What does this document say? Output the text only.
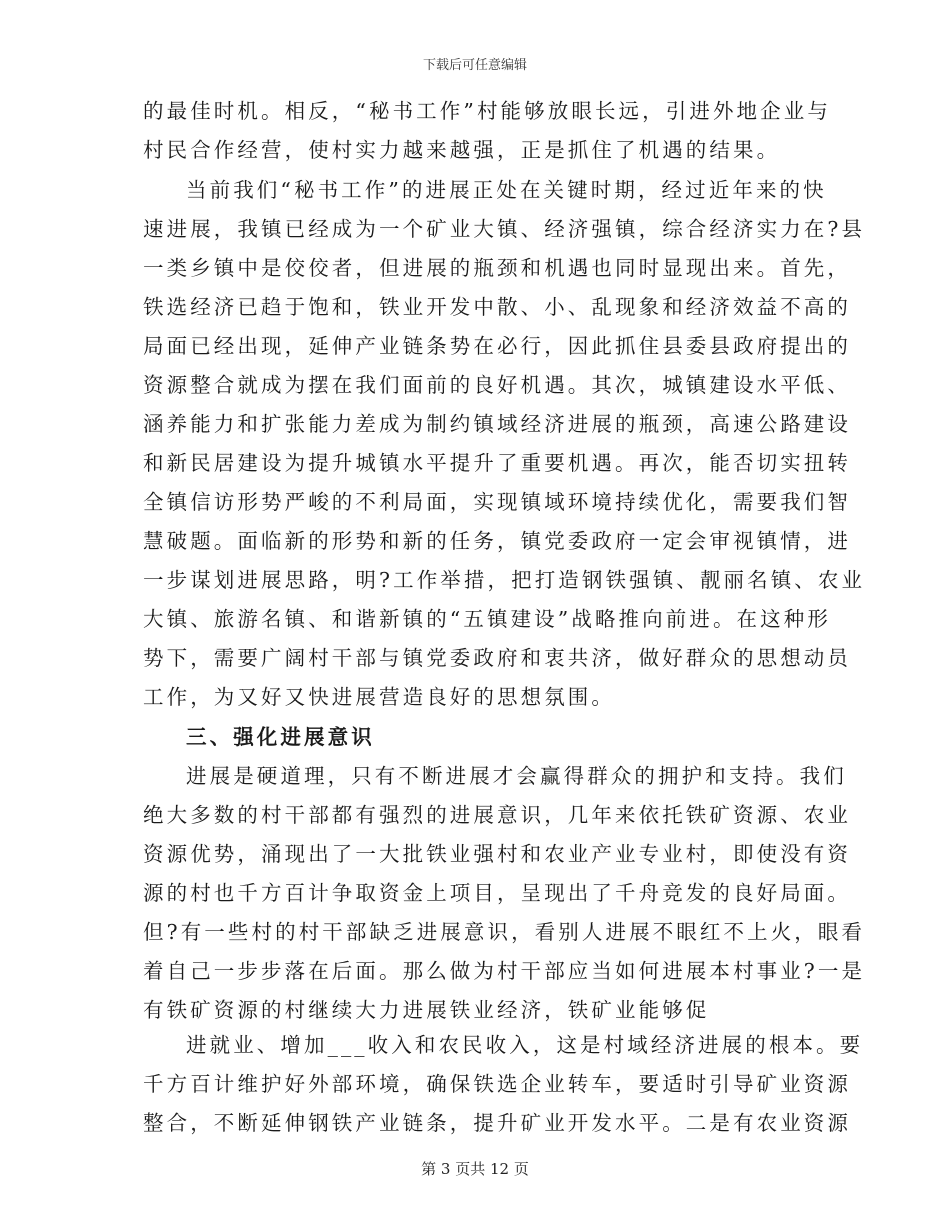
下载后可任意编辑
的最佳时机。相反，“秘书工作”村能够放眼长远，引进外地企业与
村民合作经营，使村实力越来越强，正是抓住了机遇的结果。
当前我们“秘书工作”的进展正处在关键时期，经过近年来的快
速进展，我镇已经成为一个矿业大镇、经济强镇，综合经济实力在?县
一类乡镇中是佼佼者，但进展的瓶颈和机遇也同时显现出来。首先，
铁选经济已趋于饱和，铁业开发中散、小、乱现象和经济效益不高的
局面已经出现，延伸产业链条势在必行，因此抓住县委县政府提出的
资源整合就成为摆在我们面前的良好机遇。其次，城镇建设水平低、
涵养能力和扩张能力差成为制约镇域经济进展的瓶颈，高速公路建设
和新民居建设为提升城镇水平提升了重要机遇。再次，能否切实扭转
全镇信访形势严峻的不利局面，实现镇域环境持续优化，需要我们智
慧破题。面临新的形势和新的任务，镇党委政府一定会审视镇情，进
一步谋划进展思路，明?工作举措，把打造钢铁强镇、靓丽名镇、农业
大镇、旅游名镇、和谐新镇的“五镇建设”战略推向前进。在这种形
势下，需要广阔村干部与镇党委政府和衷共济，做好群众的思想动员
工作，为又好又快进展营造良好的思想氛围。
三、强化进展意识
进展是硬道理，只有不断进展才会赢得群众的拥护和支持。我们
绝大多数的村干部都有强烈的进展意识，几年来依托铁矿资源、农业
资源优势，涌现出了一大批铁业强村和农业产业专业村，即使没有资
源的村也千方百计争取资金上项目，呈现出了千舟竞发的良好局面。
但?有一些村的村干部缺乏进展意识，看别人进展不眼红不上火，眼看
着自己一步步落在后面。那么做为村干部应当如何进展本村事业?一是
有铁矿资源的村继续大力进展铁业经济，铁矿业能够促
进就业、增加___收入和农民收入，这是村域经济进展的根本。要
千方百计维护好外部环境，确保铁选企业转车，要适时引导矿业资源
整合，不断延伸钢铁产业链条，提升矿业开发水平。二是有农业资源
第 3 页共 12 页
